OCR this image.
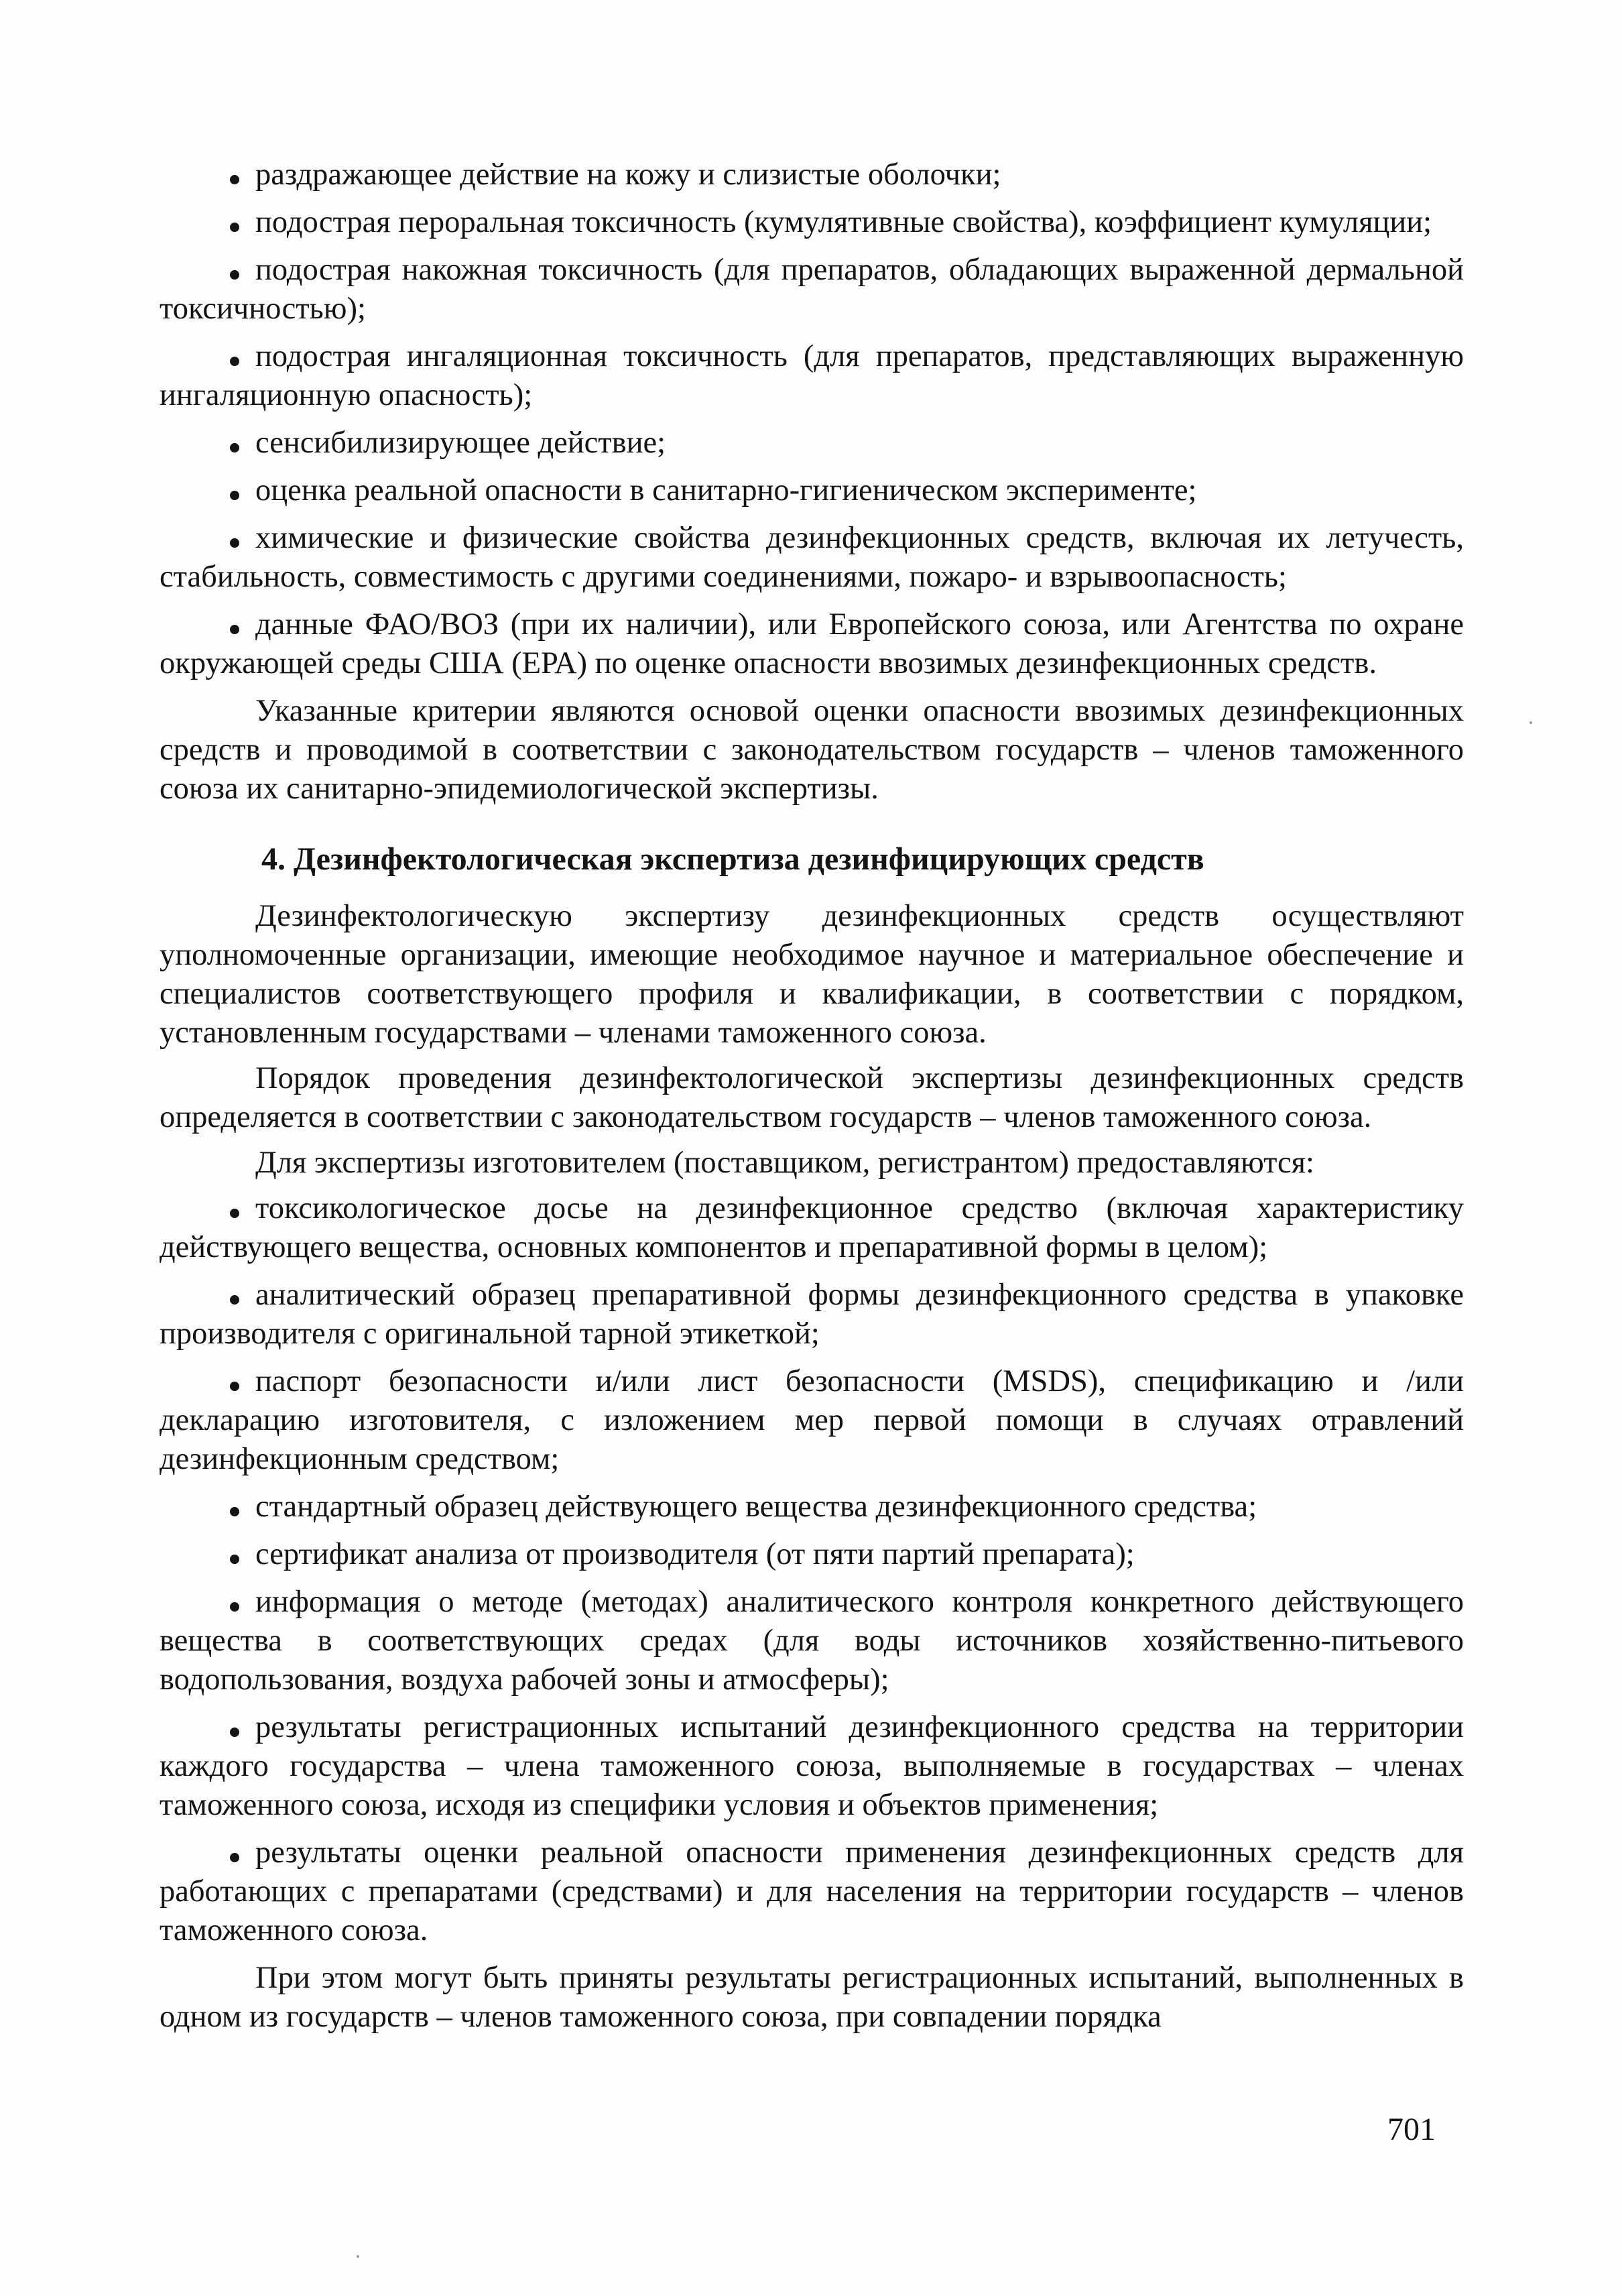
раздражающее действие на кожу и слизистые оболочки;

подострая пероральная токсичность (кумулятивные свойства), коэффициент кумуляции;

подострая накожная токсичность (для препаратов, обладающих выраженной дермальной токсичностью);

подострая ингаляционная токсичность (для препаратов, представляющих выраженную ингаляционную опасность);

сенсибилизирующее действие;

оценка реальной опасности в санитарно-гигиеническом эксперименте;

химические и физические свойства дезинфекционных средств, включая их летучесть, стабильность, совместимость с другими соединениями, пожаро- и взрывоопасность;

данные ФАО/ВОЗ (при их наличии), или Европейского союза, или Агентства по охране окружающей среды США (ЕРА) по оценке опасности ввозимых дезинфекционных средств.

Указанные критерии являются основой оценки опасности ввозимых дезинфекционных средств и проводимой в соответствии с законодательством государств – членов таможенного союза их санитарно-эпидемиологической экспертизы.

4. Дезинфектологическая экспертиза дезинфицирующих средств

Дезинфектологическую экспертизу дезинфекционных средств осуществляют уполномоченные организации, имеющие необходимое научное и материальное обеспечение и специалистов соответствующего профиля и квалификации, в соответствии с порядком, установленным государствами – членами таможенного союза.

Порядок проведения дезинфектологической экспертизы дезинфекционных средств определяется в соответствии с законодательством государств – членов таможенного союза.

Для экспертизы изготовителем (поставщиком, регистрантом) предоставляются:

токсикологическое досье на дезинфекционное средство (включая характеристику действующего вещества, основных компонентов и препаративной формы в целом);

аналитический образец препаративной формы дезинфекционного средства в упаковке производителя с оригинальной тарной этикеткой;

паспорт безопасности и/или лист безопасности (MSDS), спецификацию и /или декларацию изготовителя, с изложением мер первой помощи в случаях отравлений дезинфекционным средством;

стандартный образец действующего вещества дезинфекционного средства;

сертификат анализа от производителя (от пяти партий препарата);

информация о методе (методах) аналитического контроля конкретного действующего вещества в соответствующих средах (для воды источников хозяйственно-питьевого водопользования, воздуха рабочей зоны и атмосферы);

результаты регистрационных испытаний дезинфекционного средства на территории каждого государства – члена таможенного союза, выполняемые в государствах – членах таможенного союза, исходя из специфики условия и объектов применения;

результаты оценки реальной опасности применения дезинфекционных средств для работающих с препаратами (средствами) и для населения на территории государств – членов таможенного союза.

При этом могут быть приняты результаты регистрационных испытаний, выполненных в одном из государств – членов таможенного союза, при совпадении порядка

701
